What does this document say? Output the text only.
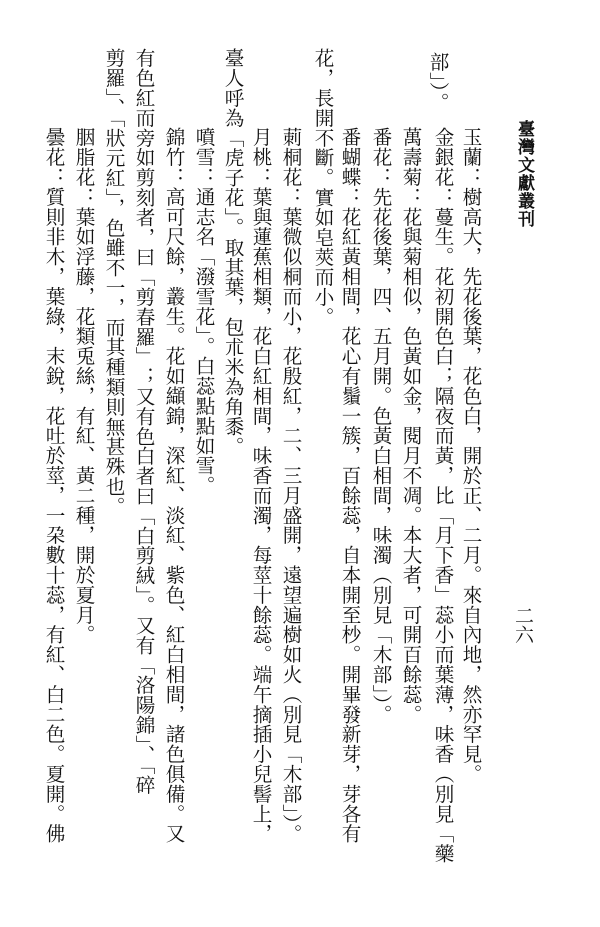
臺灣文獻叢刊
二六
部」）。
玉蘭：樹高大，先花後葉，花色白，開於正、二月。來自內地，然亦罕見。
金銀花：蔓生。花初開色白；隔夜而黃，比「月下香」蕊小而葉薄，味香（別見「藥
花，長開不斷。實如皂莢而小。	萬壽菊：花與菊相似，色黃如金，閱月不凋。本大者，可開百餘蕊。
番花：先花後葉，四、五月開。色黃白相間，味濁（別見「木部」）。
番蝴蝶：花紅黃相間，花心有鬚一簇，百餘蕊，自本開至杪。開畢發新芽，芽各有
莿桐花：葉微似桐而小，花殷紅，二、三月盛開，遠望遍樹如火（別見「木部」）。
月桃：葉與蓮蕉相類，花白紅相間，味香而濁，每莖十餘蕊。端午摘插小兒髻上，
臺人呼為「虎子花」。取其葉，包朮米為角黍。
噴雪：通志名「潑雪花」。白蕊點點如雪。
錦竹：高可尺餘，叢生。花如纈錦，深紅、淡紅、紫色、紅白相間，諸色俱備。又
有色紅而旁如剪刻者，曰「剪春羅」；又有色白者曰「白剪絨」。又有「洛陽錦」、「碎
剪羅」、「狀元紅」，色雖不一，而其種類則無甚殊也。
胭脂花：葉如浮藤，花類兎絲，有紅、黃二種，開於夏月。
曇花：質則非木，葉綠，末銳，花吐於莖，一朶數十蕊，有紅、白二色。夏開。佛
